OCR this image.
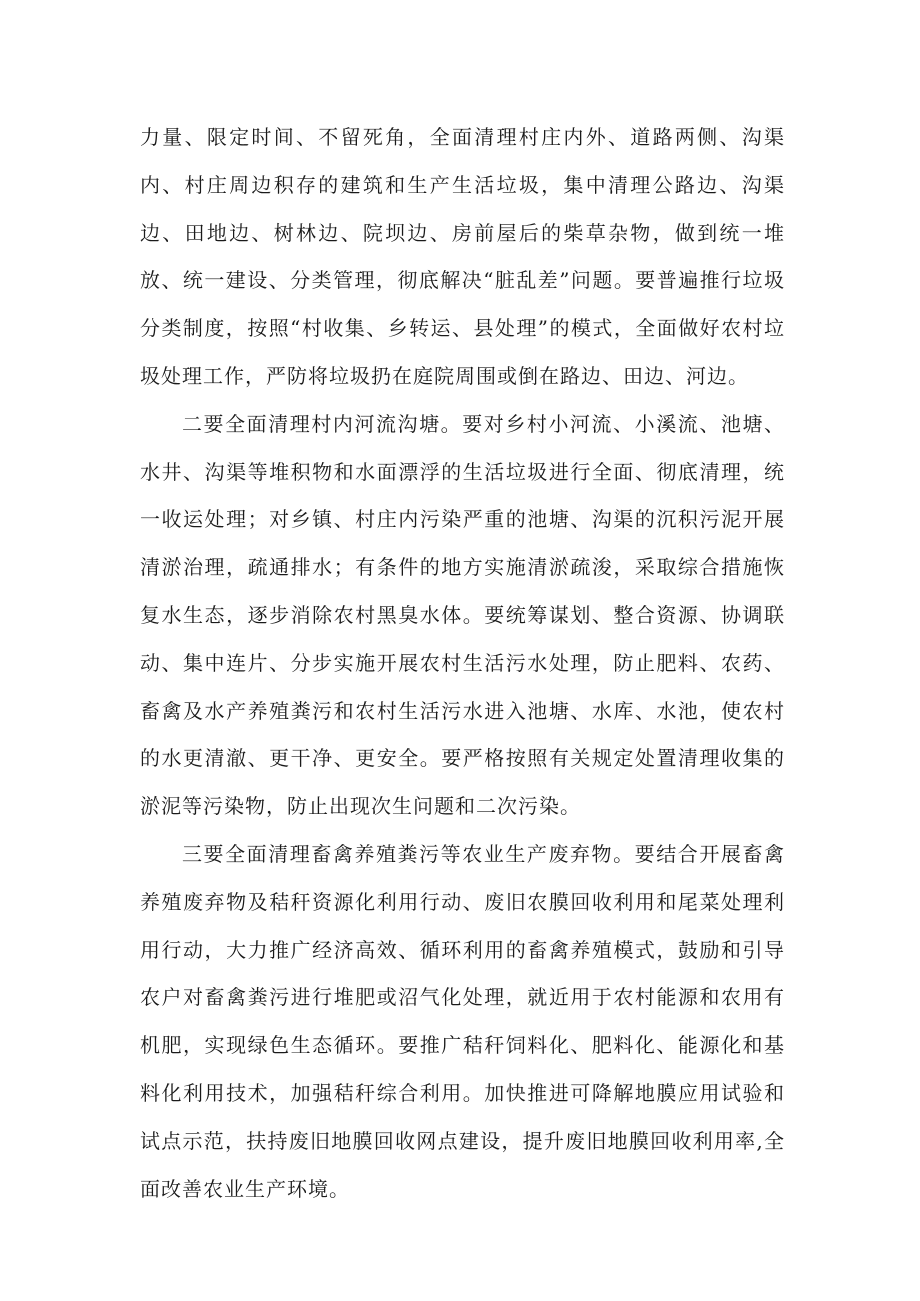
力量、限定时间、不留死角，全面清理村庄内外、道路两侧、沟渠内、村庄周边积存的建筑和生产生活垃圾，集中清理公路边、沟渠边、田地边、树林边、院坝边、房前屋后的柴草杂物，做到统一堆放、统一建设、分类管理，彻底解决“脏乱差”问题。要普遍推行垃圾分类制度，按照“村收集、乡转运、县处理”的模式，全面做好农村垃圾处理工作，严防将垃圾扔在庭院周围或倒在路边、田边、河边。

二要全面清理村内河流沟塘。要对乡村小河流、小溪流、池塘、水井、沟渠等堆积物和水面漂浮的生活垃圾进行全面、彻底清理，统一收运处理；对乡镇、村庄内污染严重的池塘、沟渠的沉积污泥开展清淤治理，疏通排水；有条件的地方实施清淤疏浚，采取综合措施恢复水生态，逐步消除农村黑臭水体。要统筹谋划、整合资源、协调联动、集中连片、分步实施开展农村生活污水处理，防止肥料、农药、畜禽及水产养殖粪污和农村生活污水进入池塘、水库、水池，使农村的水更清澈、更干净、更安全。要严格按照有关规定处置清理收集的淤泥等污染物，防止出现次生问题和二次污染。

三要全面清理畜禽养殖粪污等农业生产废弃物。要结合开展畜禽养殖废弃物及秸秆资源化利用行动、废旧农膜回收利用和尾菜处理利用行动，大力推广经济高效、循环利用的畜禽养殖模式，鼓励和引导农户对畜禽粪污进行堆肥或沼气化处理，就近用于农村能源和农用有机肥，实现绿色生态循环。要推广秸秆饲料化、肥料化、能源化和基料化利用技术，加强秸秆综合利用。加快推进可降解地膜应用试验和试点示范，扶持废旧地膜回收网点建设，提升废旧地膜回收利用率,全面改善农业生产环境。
